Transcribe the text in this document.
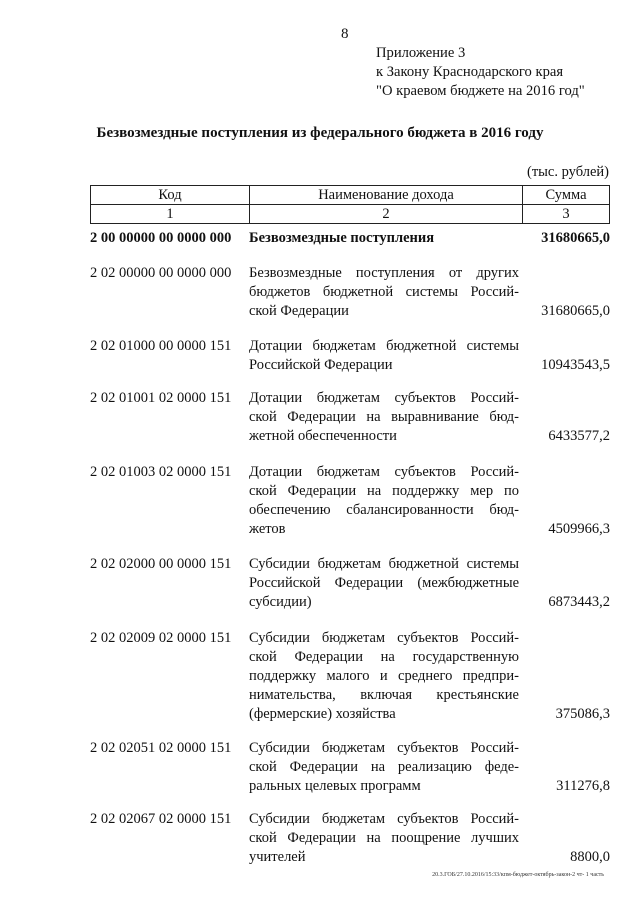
8
Приложение 3
к Закону Краснодарского края
"О краевом бюджете на 2016 год"
Безвозмездные поступления из федерального бюджета в 2016 году
(тыс. рублей)
Код	Наименование дохода	Сумма
1	2	3
2 00 00000 00 0000 000 Безвозмездные поступления	31680665,0
2 02 00000 00 0000 000 Безвозмездные поступления от других
бюджетов бюджетной системы Россий-
ской Федерации	31680665,0
2 02 01000 00 0000 151 Дотации бюджетам бюджетной системы
Российской Федерации	10943543,5
2 02 01001 02 0000 151 Дотации бюджетам субъектов Россий-
ской Федерации на выравнивание бюд-
жетной обеспеченности	6433577,2
2 02 01003 02 0000 151 Дотации бюджетам субъектов Россий-
ской Федерации на поддержку мер по
обеспечению сбалансированности бюд-
жетов	4509966,3
2 02 02000 00 0000 151 Субсидии бюджетам бюджетной системы
Российской Федерации (межбюджетные
субсидии)	6873443,2
2 02 02009 02 0000 151 Субсидии бюджетам субъектов Россий-
ской Федерации на государственную
поддержку малого и среднего предпри-
нимательства, включая крестьянские
(фермерские) хозяйства	375086,3
2 02 02051 02 0000 151 Субсидии бюджетам субъектов Россий-
ской Федерации на реализацию феде-
ральных целевых программ	311276,8
2 02 02067 02 0000 151 Субсидии бюджетам субъектов Россий-
ской Федерации на поощрение лучших
учителей	8800,0
20.3.ГОБ/27.10.2016/15:33/кпм-бюджет-октябрь-закон-2 чт- 1 часть
